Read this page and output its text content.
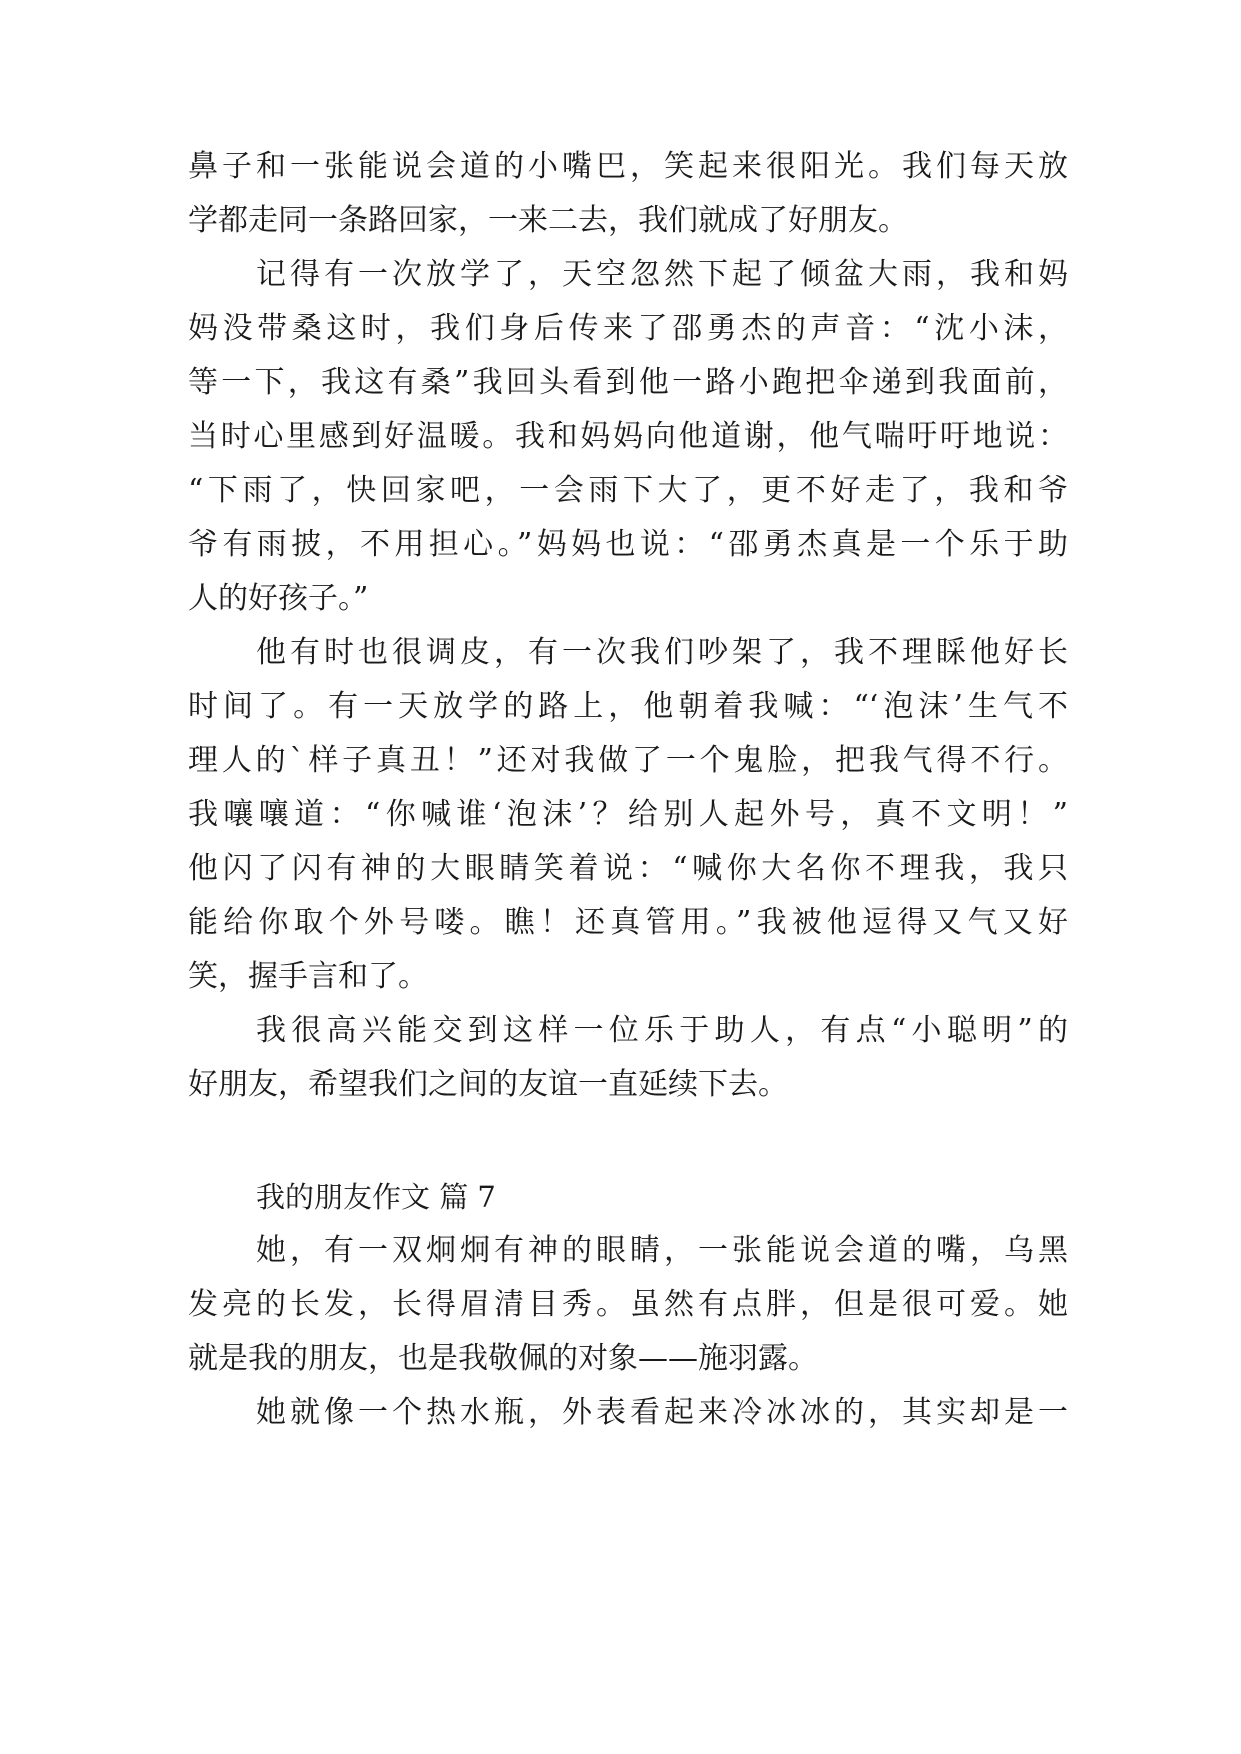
鼻子和一张能说会道的小嘴巴，笑起来很阳光。我们每天放
学都走同一条路回家，一来二去，我们就成了好朋友。
记得有一次放学了，天空忽然下起了倾盆大雨，我和妈
妈没带桑这时，我们身后传来了邵勇杰的声音：“沈小沫，
等一下，我这有桑”我回头看到他一路小跑把伞递到我面前，
当时心里感到好温暖。我和妈妈向他道谢，他气喘吁吁地说：
“下雨了，快回家吧，一会雨下大了，更不好走了，我和爷
爷有雨披，不用担心。”妈妈也说：“邵勇杰真是一个乐于助
人的好孩子。”
他有时也很调皮，有一次我们吵架了，我不理睬他好长
时间了。有一天放学的路上，他朝着我喊：“‘泡沫’生气不
理人的`样子真丑！”还对我做了一个鬼脸，把我气得不行。
我嚷嚷道：“你喊谁‘泡沫’？给别人起外号，真不文明！”
他闪了闪有神的大眼睛笑着说：“喊你大名你不理我，我只
能给你取个外号喽。瞧！还真管用。”我被他逗得又气又好
笑，握手言和了。
我很高兴能交到这样一位乐于助人，有点“小聪明”的
好朋友，希望我们之间的友谊一直延续下去。
我的朋友作文 篇 7
她，有一双炯炯有神的眼睛，一张能说会道的嘴，乌黑
发亮的长发，长得眉清目秀。虽然有点胖，但是很可爱。她
就是我的朋友，也是我敬佩的对象——施羽露。
她就像一个热水瓶，外表看起来冷冰冰的，其实却是一
